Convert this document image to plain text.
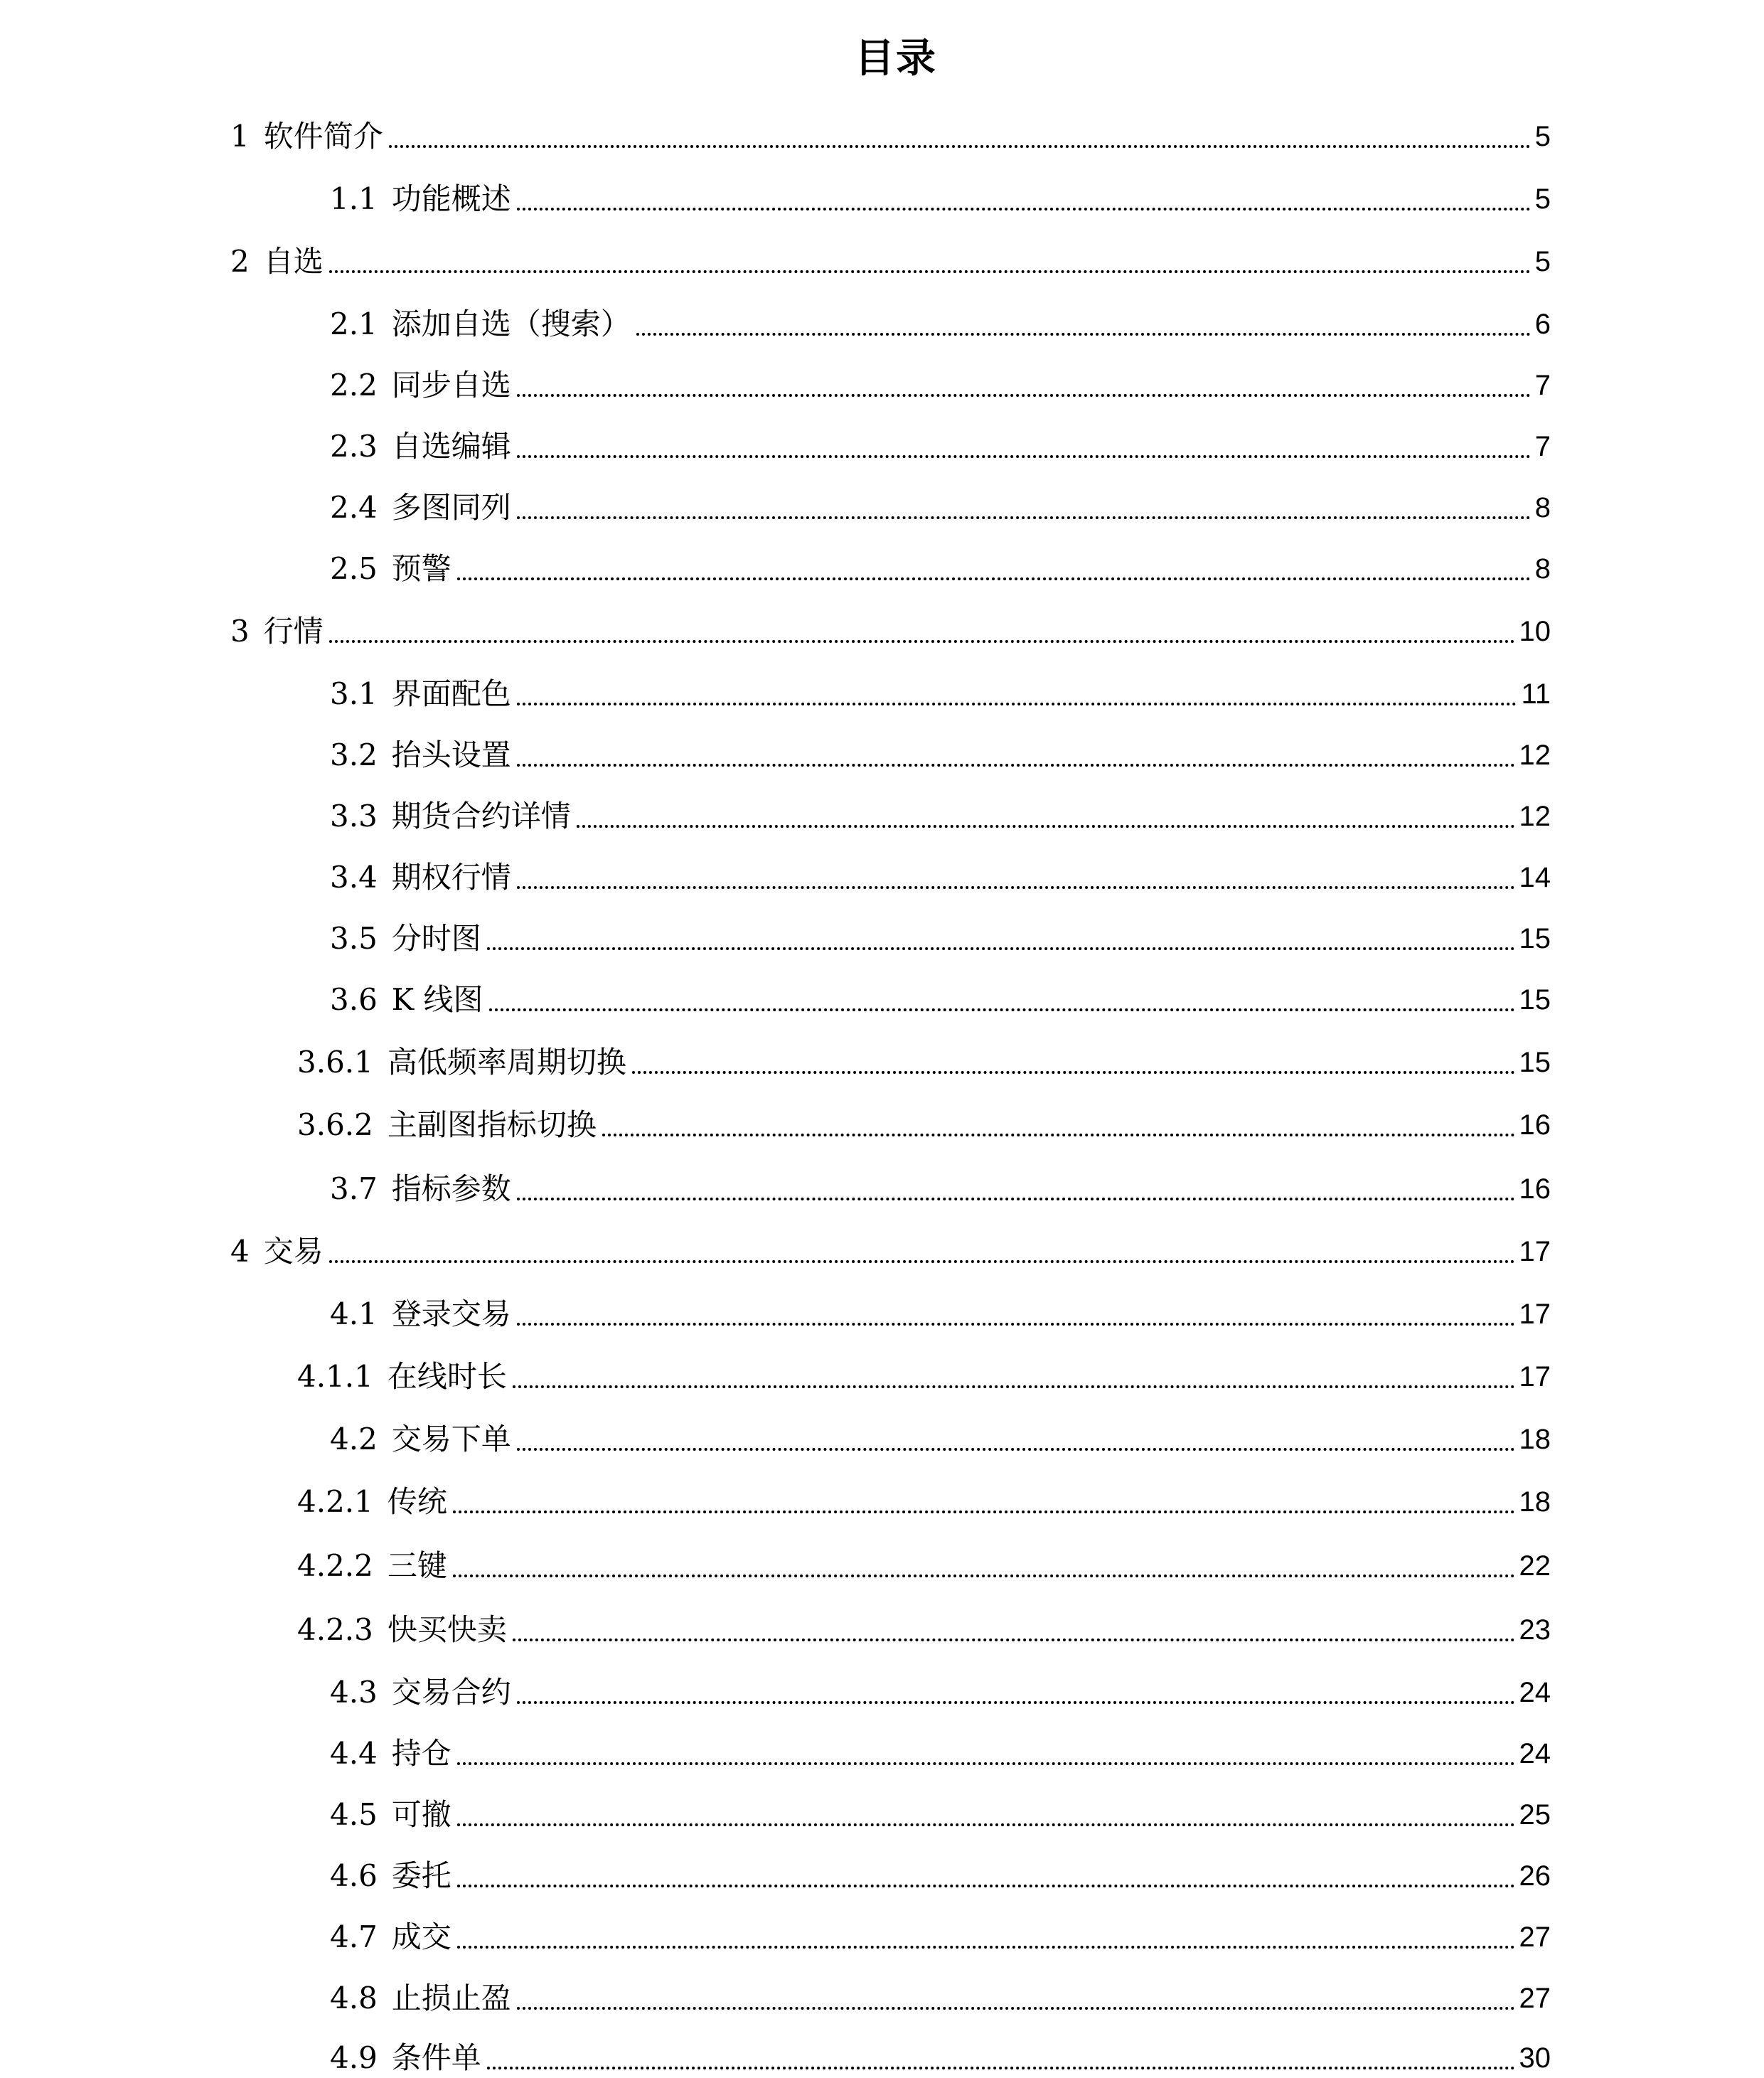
目录
1 软件简介	5
1.1 功能概述	5
2 自选	5
2.1 添加自选（搜索）	6
2.2 同步自选	7
2.3 自选编辑	7
2.4 多图同列	8
2.5 预警	8
3 行情	10
3.1 界面配色	11
3.2 抬头设置	12
3.3 期货合约详情	12
3.4 期权行情	14
3.5 分时图	15
3.6 K 线图	15
3.6.1 高低频率周期切换	15
3.6.2 主副图指标切换	16
3.7 指标参数	16
4 交易	17
4.1 登录交易	17
4.1.1 在线时长	17
4.2 交易下单	18
4.2.1 传统	18
4.2.2 三键	22
4.2.3 快买快卖	23
4.3 交易合约	24
4.4 持仓	24
4.5 可撤	25
4.6 委托	26
4.7 成交	27
4.8 止损止盈	27
4.9 条件单	30
